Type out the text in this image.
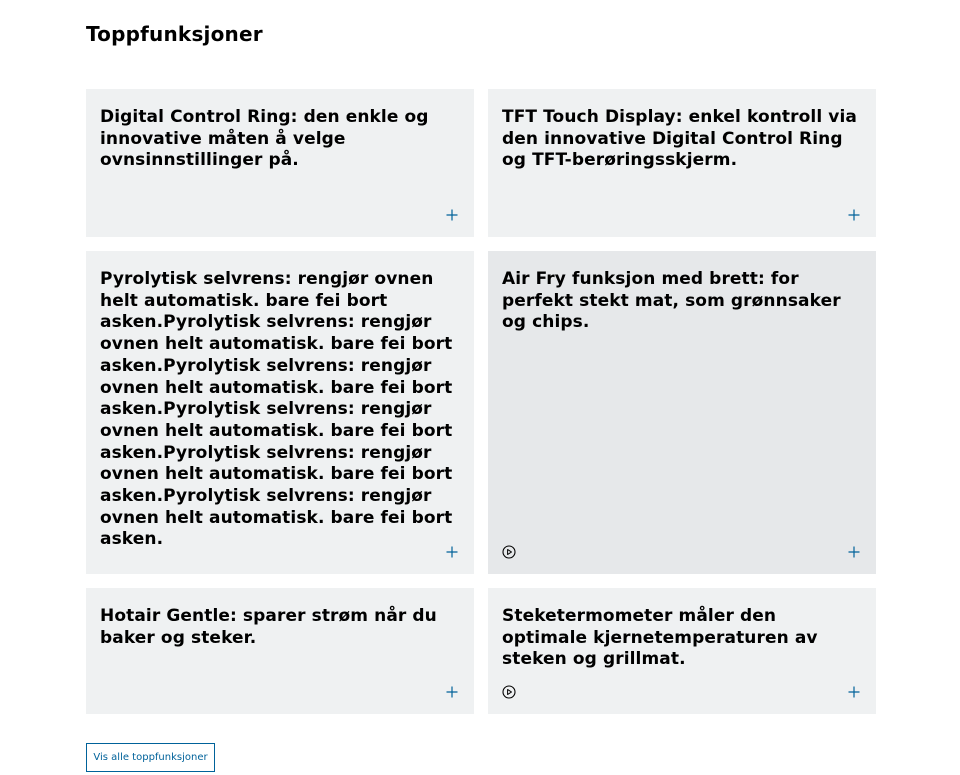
Toppfunksjoner

Digital Control Ring: den enkle og innovative måten å velge ovnsinnstillinger på.

TFT Touch Display: enkel kontroll via den innovative Digital Control Ring og TFT-berøringsskjerm.

Pyrolytisk selvrens: rengjør ovnen helt automatisk. bare fei bort asken.Pyrolytisk selvrens: rengjør ovnen helt automatisk. bare fei bort asken.Pyrolytisk selvrens: rengjør ovnen helt automatisk. bare fei bort asken.Pyrolytisk selvrens: rengjør ovnen helt automatisk. bare fei bort asken.Pyrolytisk selvrens: rengjør ovnen helt automatisk. bare fei bort asken.Pyrolytisk selvrens: rengjør ovnen helt automatisk. bare fei bort asken.

Air Fry funksjon med brett: for perfekt stekt mat, som grønnsaker og chips.

Hotair Gentle: sparer strøm når du baker og steker.

Steketermometer måler den optimale kjernetemperaturen av steken og grillmat.

Vis alle toppfunksjoner
